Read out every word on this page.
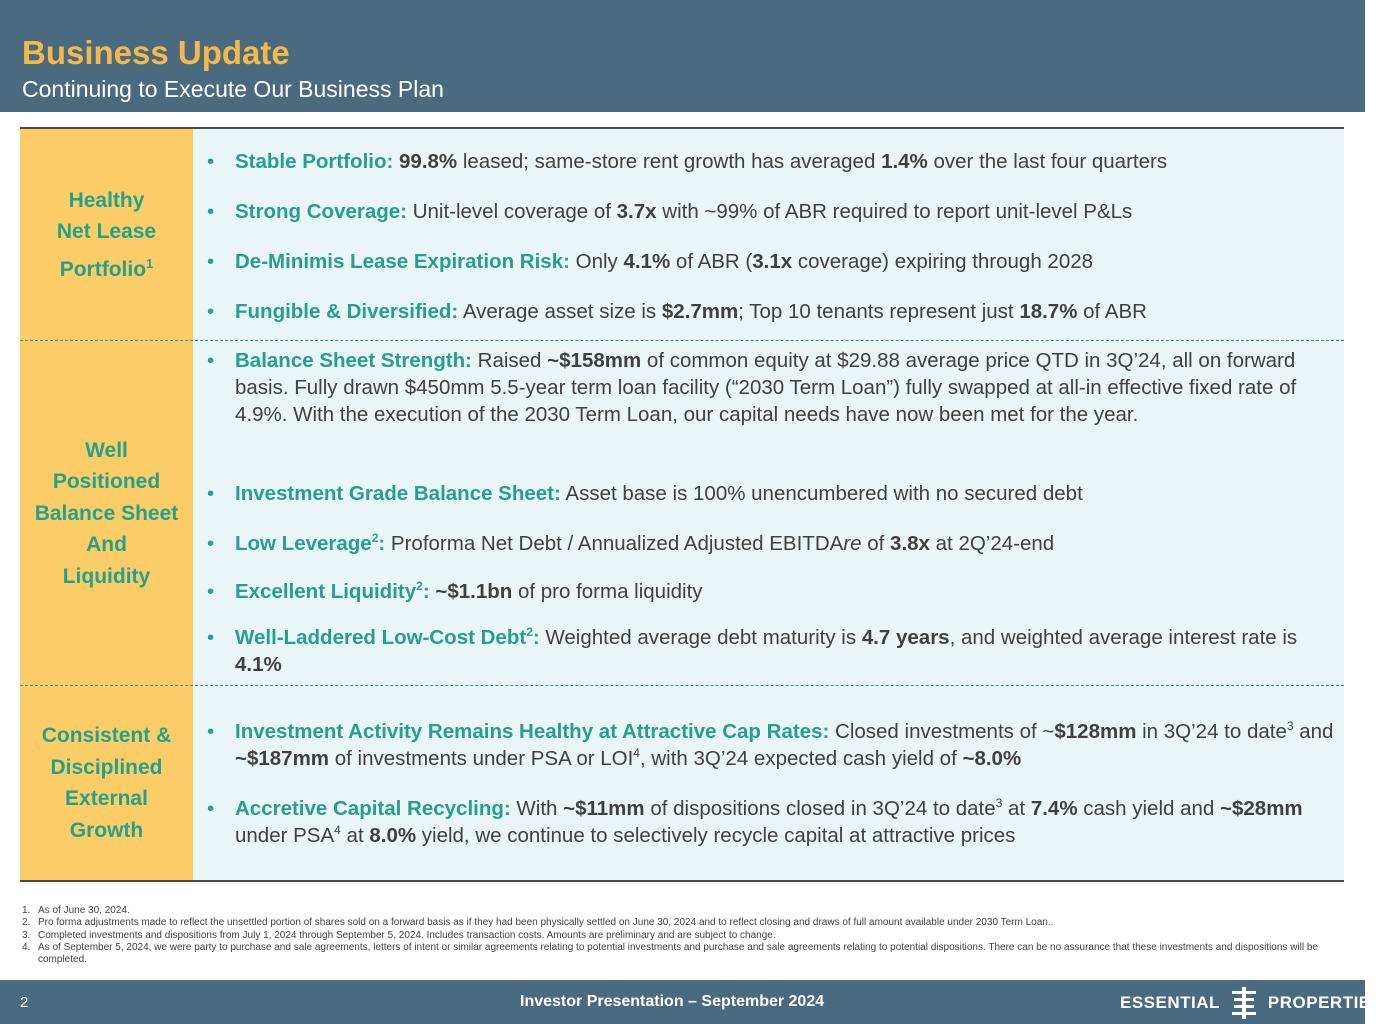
Business Update
Continuing to Execute Our Business Plan
Healthy
Net Lease
Portfolio$^1$
• Stable Portfolio: 99.8% leased; same-store rent growth has averaged 1.4% over the last four quarters
• Strong Coverage: Unit-level coverage of 3.7x with ~99% of ABR required to report unit-level P&Ls
• De-Minimis Lease Expiration Risk: Only 4.1% of ABR (3.1x coverage) expiring through 2028
• Fungible & Diversified: Average asset size is $2.7mm; Top 10 tenants represent just 18.7% of ABR
Well
Positioned
Balance Sheet
And
Liquidity
• Balance Sheet Strength: Raised ~$158mm of common equity at $29.88 average price QTD in 3Q’24, all on forward basis. Fully drawn $450mm 5.5-year term loan facility (“2030 Term Loan”) fully swapped at all-in effective fixed rate of 4.9%. With the execution of the 2030 Term Loan, our capital needs have now been met for the year.
• Investment Grade Balance Sheet: Asset base is 100% unencumbered with no secured debt
• Low Leverage$^2$: Proforma Net Debt / Annualized Adjusted EBITDAre of 3.8x at 2Q’24-end
• Excellent Liquidity$^2$: ~$1.1bn of pro forma liquidity
• Well-Laddered Low-Cost Debt$^2$: Weighted average debt maturity is 4.7 years, and weighted average interest rate is 4.1%
Consistent &
Disciplined
External
Growth
• Investment Activity Remains Healthy at Attractive Cap Rates: Closed investments of ~$128mm in 3Q’24 to date$^3$ and ~$187mm of investments under PSA or LOI$^4$, with 3Q’24 expected cash yield of ~8.0%
• Accretive Capital Recycling: With ~$11mm of dispositions closed in 3Q’24 to date$^3$ at 7.4% cash yield and ~$28mm under PSA$^4$ at 8.0% yield, we continue to selectively recycle capital at attractive prices
1. As of June 30, 2024.
2. Pro forma adjustments made to reflect the unsettled portion of shares sold on a forward basis as if they had been physically settled on June 30, 2024 and to reflect closing and draws of full amount available under 2030 Term Loan..
3. Completed investments and dispositions from July 1, 2024 through September 5, 2024. Includes transaction costs. Amounts are preliminary and are subject to change.
4. As of September 5, 2024, we were party to purchase and sale agreements, letters of intent or similar agreements relating to potential investments and purchase and sale agreements relating to potential dispositions. There can be no assurance that these investments and dispositions will be completed.
2	Investor Presentation – September 2024	ESSENTIAL	PROPERTIES
